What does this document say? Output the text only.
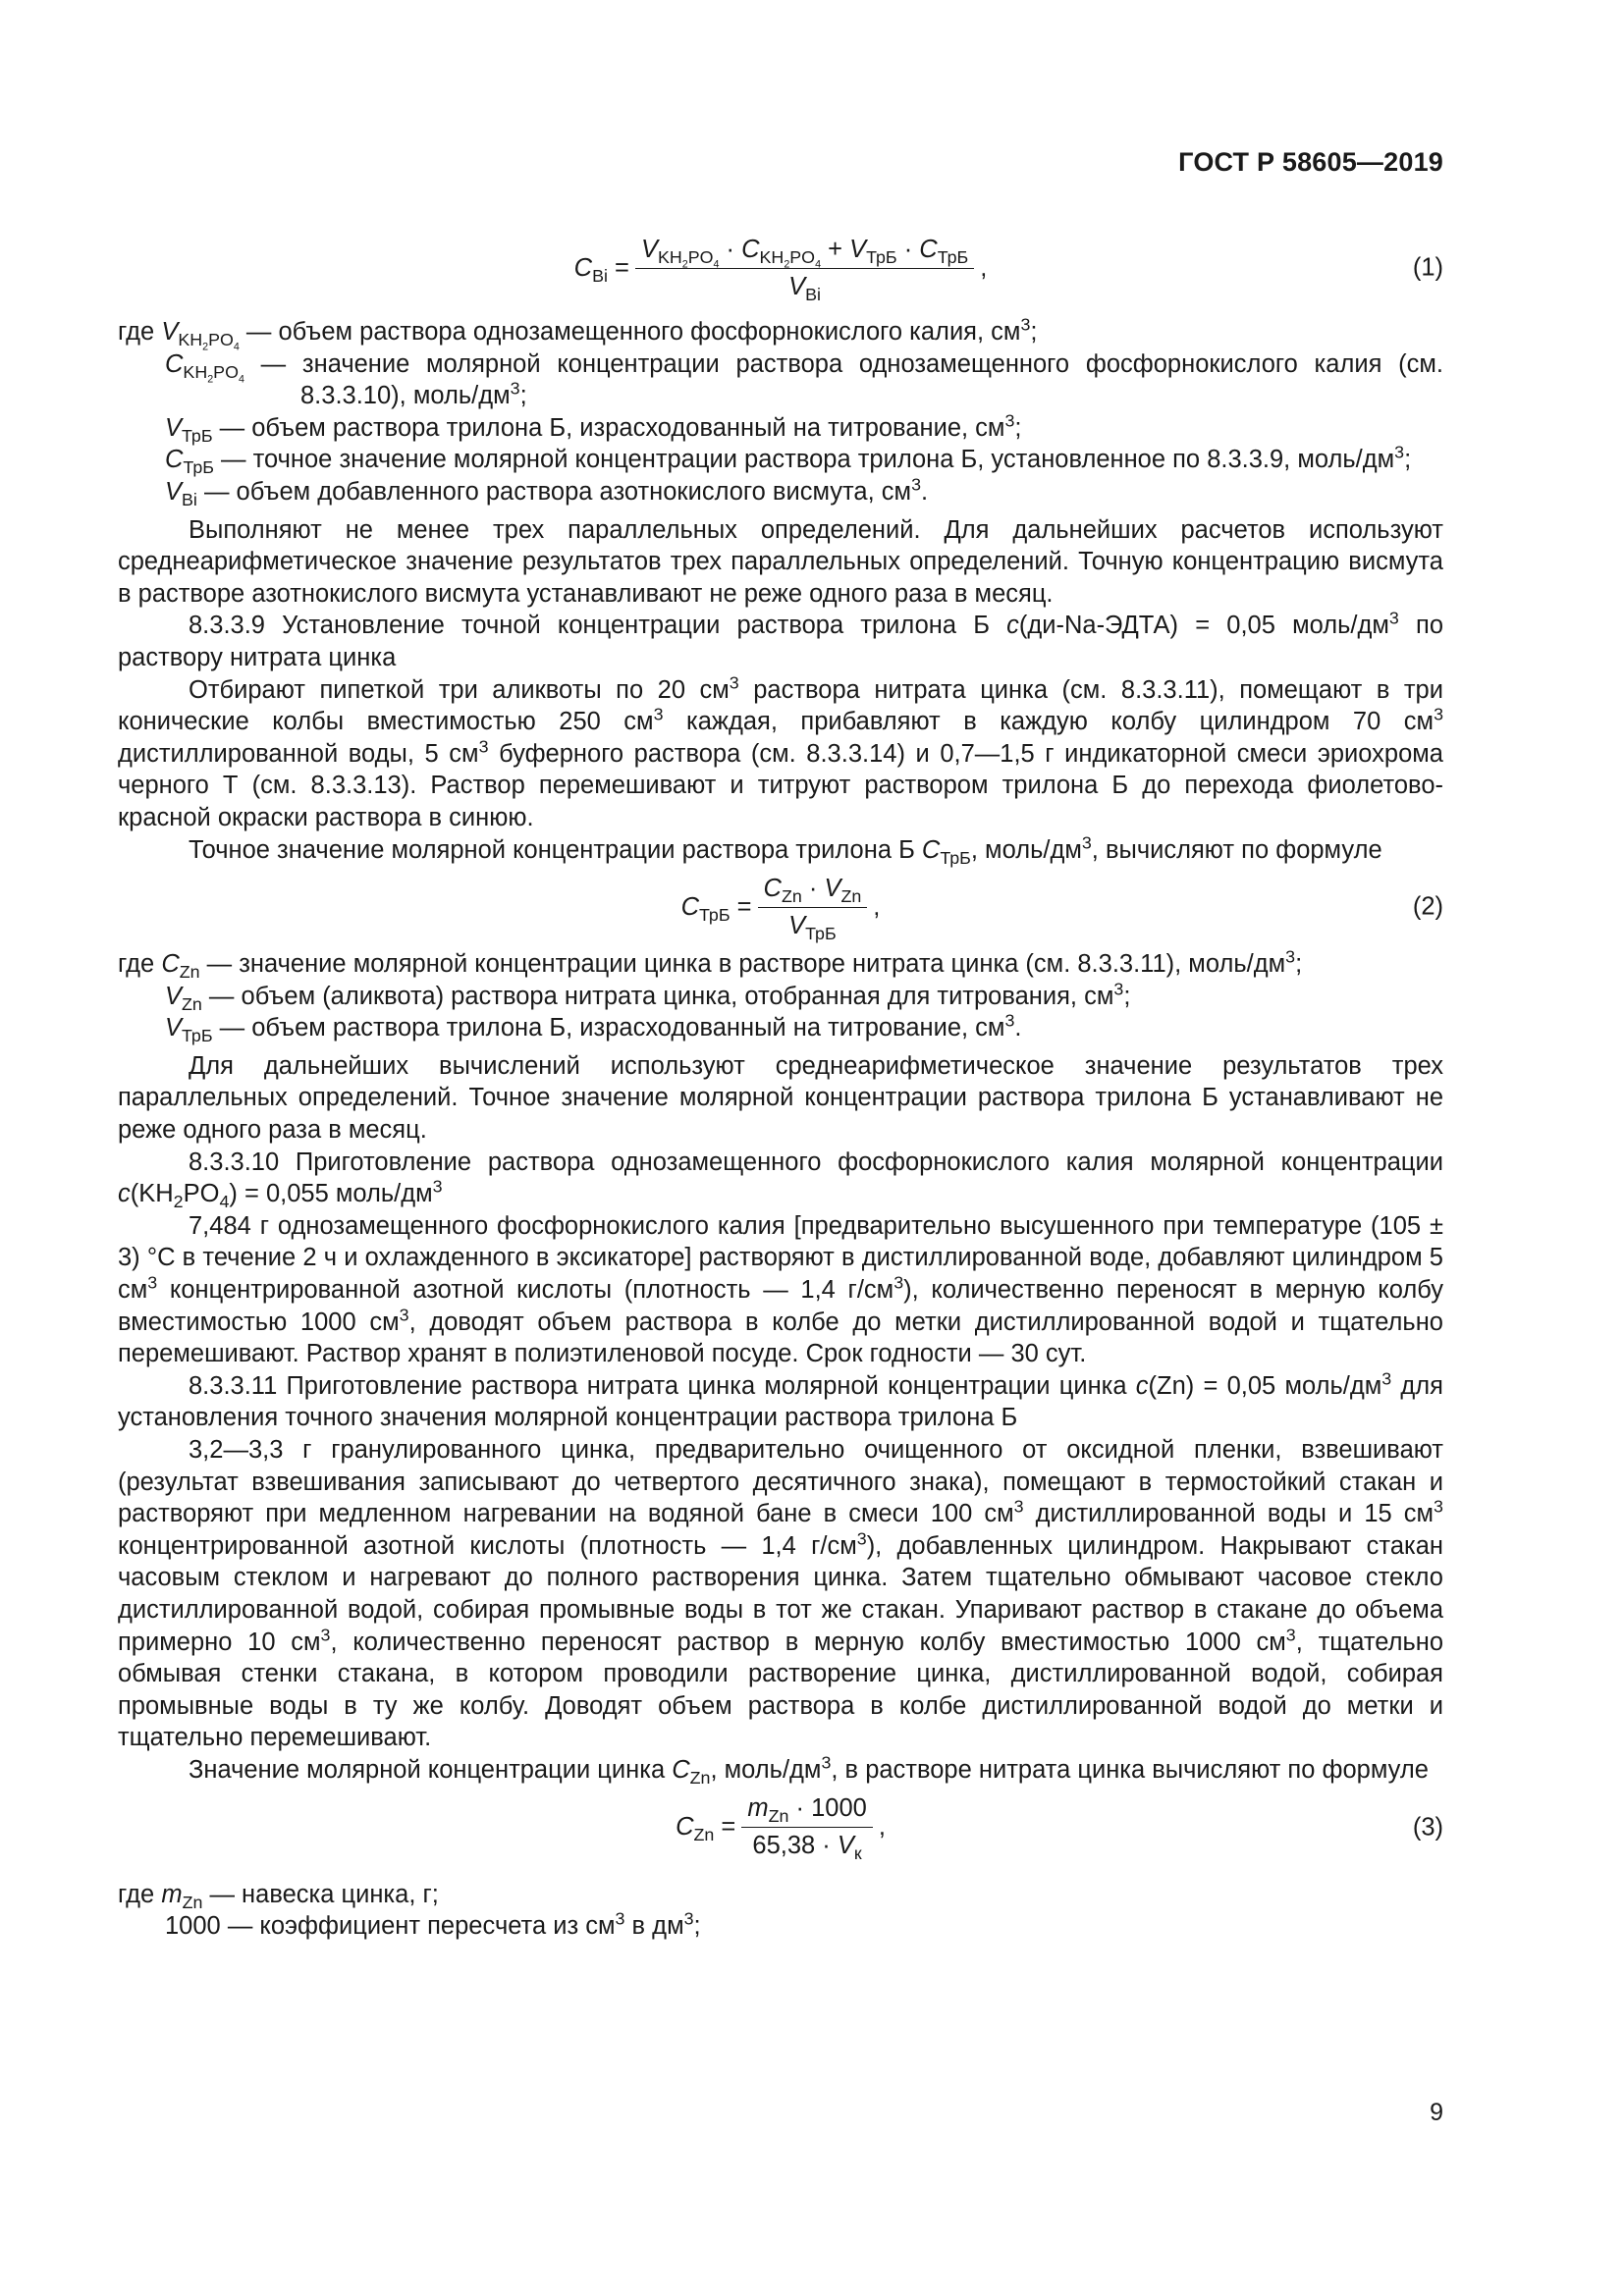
ГОСТ Р 58605—2019
$C_{Bi}$ =
$V_{KH_2PO_4} \cdot C_{KH_2PO_4} + V_{ТрБ} \cdot C_{ТрБ}$
$V_{Bi}$
,	(1)

где $V_{KH_2PO_4}$ — объем раствора однозамещенного фосфорнокислого калия, $см^3$;

$C_{KH_2PO_4}$ — значение молярной концентрации раствора однозамещенного фосфорнокислого калия (см. 8.3.3.10), моль/$дм^3$;

$V_{ТрБ}$ — объем раствора трилона Б, израсходованный на титрование, $см^3$;

$C_{ТрБ}$ — точное значение молярной концентрации раствора трилона Б, установленное по 8.3.3.9, моль/$дм^3$;

$V_{Bi}$ — объем добавленного раствора азотнокислого висмута, $см^3$.

Выполняют не менее трех параллельных определений. Для дальнейших расчетов используют среднеарифметическое значение результатов трех параллельных определений. Точную концентрацию висмута в растворе азотнокислого висмута устанавливают не реже одного раза в месяц.

8.3.3.9 Установление точной концентрации раствора трилона Б c(ди-Na-ЭДТА) = 0,05 моль/$дм^3$ по раствору нитрата цинка

Отбирают пипеткой три аликвоты по 20 $см^3$ раствора нитрата цинка (см. 8.3.3.11), помещают в три конические колбы вместимостью 250 $см^3$ каждая, прибавляют в каждую колбу цилиндром 70 $см^3$ дистиллированной воды, 5 $см^3$ буферного раствора (см. 8.3.3.14) и 0,7—1,5 г индикаторной смеси эриохрома черного Т (см. 8.3.3.13). Раствор перемешивают и титруют раствором трилона Б до перехода фиолетово-красной окраски раствора в синюю.

Точное значение молярной концентрации раствора трилона Б $C_{ТрБ}$, моль/$дм^3$, вычисляют по формуле

$C_{ТрБ} = \frac{C_{Zn} \cdot V_{Zn}}{V_{ТрБ}}$ ,	(2)

где $C_{Zn}$ — значение молярной концентрации цинка в растворе нитрата цинка (см. 8.3.3.11), моль/$дм^3$;

$V_{Zn}$ — объем (аликвота) раствора нитрата цинка, отобранная для титрования, $см^3$;

$V_{ТрБ}$ — объем раствора трилона Б, израсходованный на титрование, $см^3$.

Для дальнейших вычислений используют среднеарифметическое значение результатов трех параллельных определений. Точное значение молярной концентрации раствора трилона Б устанавливают не реже одного раза в месяц.

8.3.3.10 Приготовление раствора однозамещенного фосфорнокислого калия молярной концентрации $c(KH_2PO_4) = 0,055$ моль/$дм^3$

7,484 г однозамещенного фосфорнокислого калия [предварительно высушенного при температуре (105 ± 3) °С в течение 2 ч и охлажденного в эксикаторе] растворяют в дистиллированной воде, добавляют цилиндром 5 $см^3$ концентрированной азотной кислоты (плотность — 1,4 $г/см^3$), количественно переносят в мерную колбу вместимостью 1000 $см^3$, доводят объем раствора в колбе до метки дистиллированной водой и тщательно перемешивают. Раствор хранят в полиэтиленовой посуде. Срок годности — 30 сут.

8.3.3.11 Приготовление раствора нитрата цинка молярной концентрации цинка c(Zn) = 0,05 моль/$дм^3$ для установления точного значения молярной концентрации раствора трилона Б

3,2—3,3 г гранулированного цинка, предварительно очищенного от оксидной пленки, взвешивают (результат взвешивания записывают до четвертого десятичного знака), помещают в термостойкий стакан и растворяют при медленном нагревании на водяной бане в смеси 100 $см^3$ дистиллированной воды и 15 $см^3$ концентрированной азотной кислоты (плотность — 1,4 $г/см^3$), добавленных цилиндром. Накрывают стакан часовым стеклом и нагревают до полного растворения цинка. Затем тщательно обмывают часовое стекло дистиллированной водой, собирая промывные воды в тот же стакан. Упаривают раствор в стакане до объема примерно 10 $см^3$, количественно переносят раствор в мерную колбу вместимостью 1000 $см^3$, тщательно обмывая стенки стакана, в котором проводили растворение цинка, дистиллированной водой, собирая промывные воды в ту же колбу. Доводят объем раствора в колбе дистиллированной водой до метки и тщательно перемешивают.

Значение молярной концентрации цинка $C_{Zn}$, моль/$дм^3$, в растворе нитрата цинка вычисляют по формуле

$C_{Zn} = \frac{m_{Zn} \cdot 1000}{65,38 \cdot V_к}$ ,	(3)

где $m_{Zn}$ — навеска цинка, г;

1000 — коэффициент пересчета из $см^3$ в $дм^3$;

9
